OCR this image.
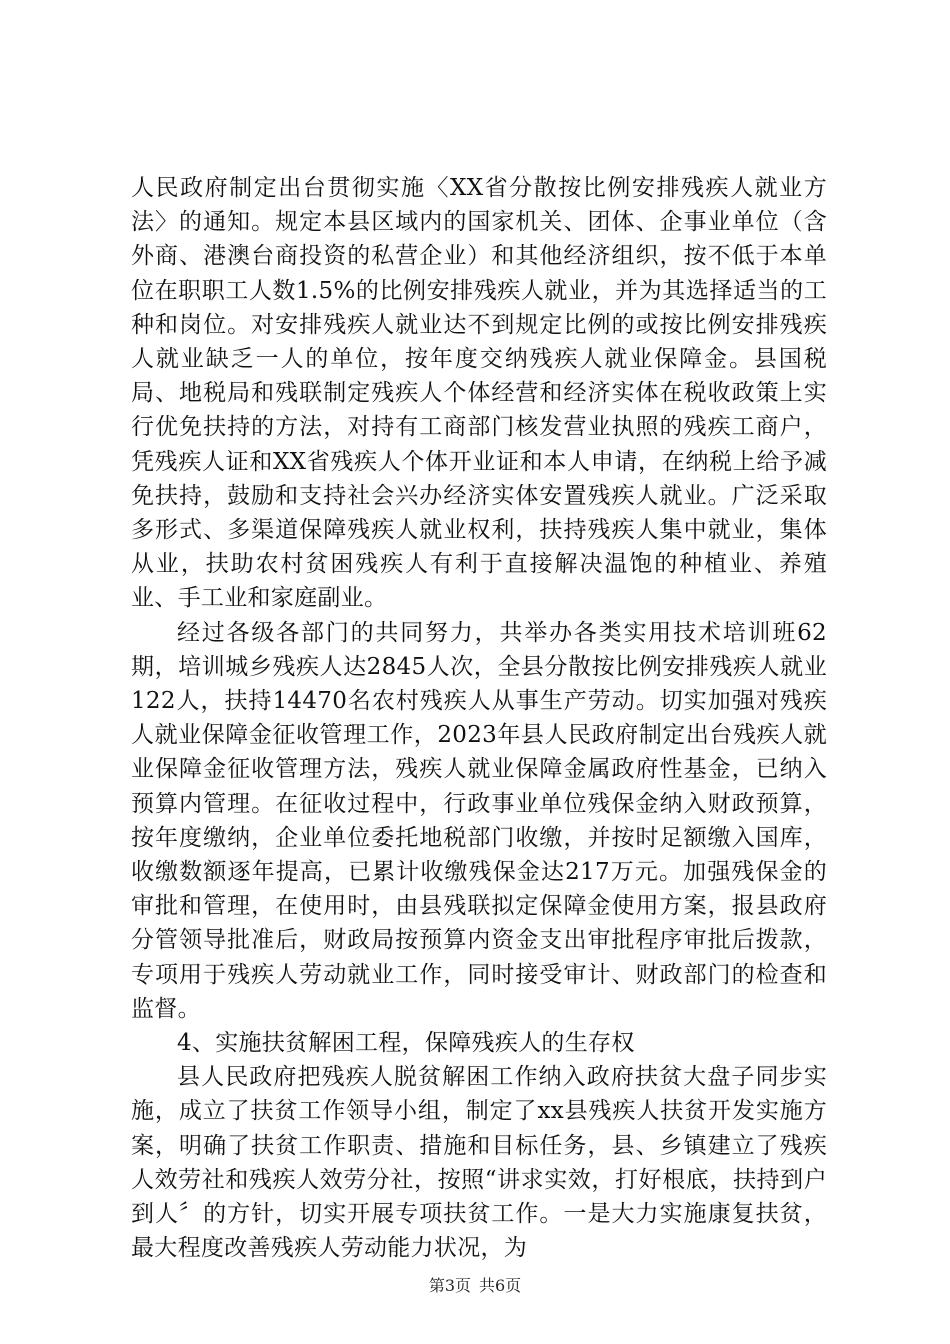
人民政府制定出台贯彻实施〈XX省分散按比例安排残疾人就业方法〉的通知。规定本县区域内的国家机关、团体、企事业单位（含外商、港澳台商投资的私营企业）和其他经济组织，按不低于本单位在职职工人数1.5%的比例安排残疾人就业，并为其选择适当的工种和岗位。对安排残疾人就业达不到规定比例的或按比例安排残疾人就业缺乏一人的单位，按年度交纳残疾人就业保障金。县国税局、地税局和残联制定残疾人个体经营和经济实体在税收政策上实行优免扶持的方法，对持有工商部门核发营业执照的残疾工商户，凭残疾人证和XX省残疾人个体开业证和本人申请，在纳税上给予减免扶持，鼓励和支持社会兴办经济实体安置残疾人就业。广泛采取多形式、多渠道保障残疾人就业权利，扶持残疾人集中就业，集体从业，扶助农村贫困残疾人有利于直接解决温饱的种植业、养殖业、手工业和家庭副业。

经过各级各部门的共同努力，共举办各类实用技术培训班62期，培训城乡残疾人达2845人次，全县分散按比例安排残疾人就业122人，扶持14470名农村残疾人从事生产劳动。切实加强对残疾人就业保障金征收管理工作，2023年县人民政府制定出台残疾人就业保障金征收管理方法，残疾人就业保障金属政府性基金，已纳入预算内管理。在征收过程中，行政事业单位残保金纳入财政预算，按年度缴纳，企业单位委托地税部门收缴，并按时足额缴入国库，收缴数额逐年提高，已累计收缴残保金达217万元。加强残保金的审批和管理，在使用时，由县残联拟定保障金使用方案，报县政府分管领导批准后，财政局按预算内资金支出审批程序审批后拨款，专项用于残疾人劳动就业工作，同时接受审计、财政部门的检查和监督。

4、实施扶贫解困工程，保障残疾人的生存权

县人民政府把残疾人脱贫解困工作纳入政府扶贫大盘子同步实施，成立了扶贫工作领导小组，制定了xx县残疾人扶贫开发实施方案，明确了扶贫工作职责、措施和目标任务，县、乡镇建立了残疾人效劳社和残疾人效劳分社，按照“讲求实效，打好根底，扶持到户到人〞的方针，切实开展专项扶贫工作。一是大力实施康复扶贫，最大程度改善残疾人劳动能力状况，为

第3页 共6页
